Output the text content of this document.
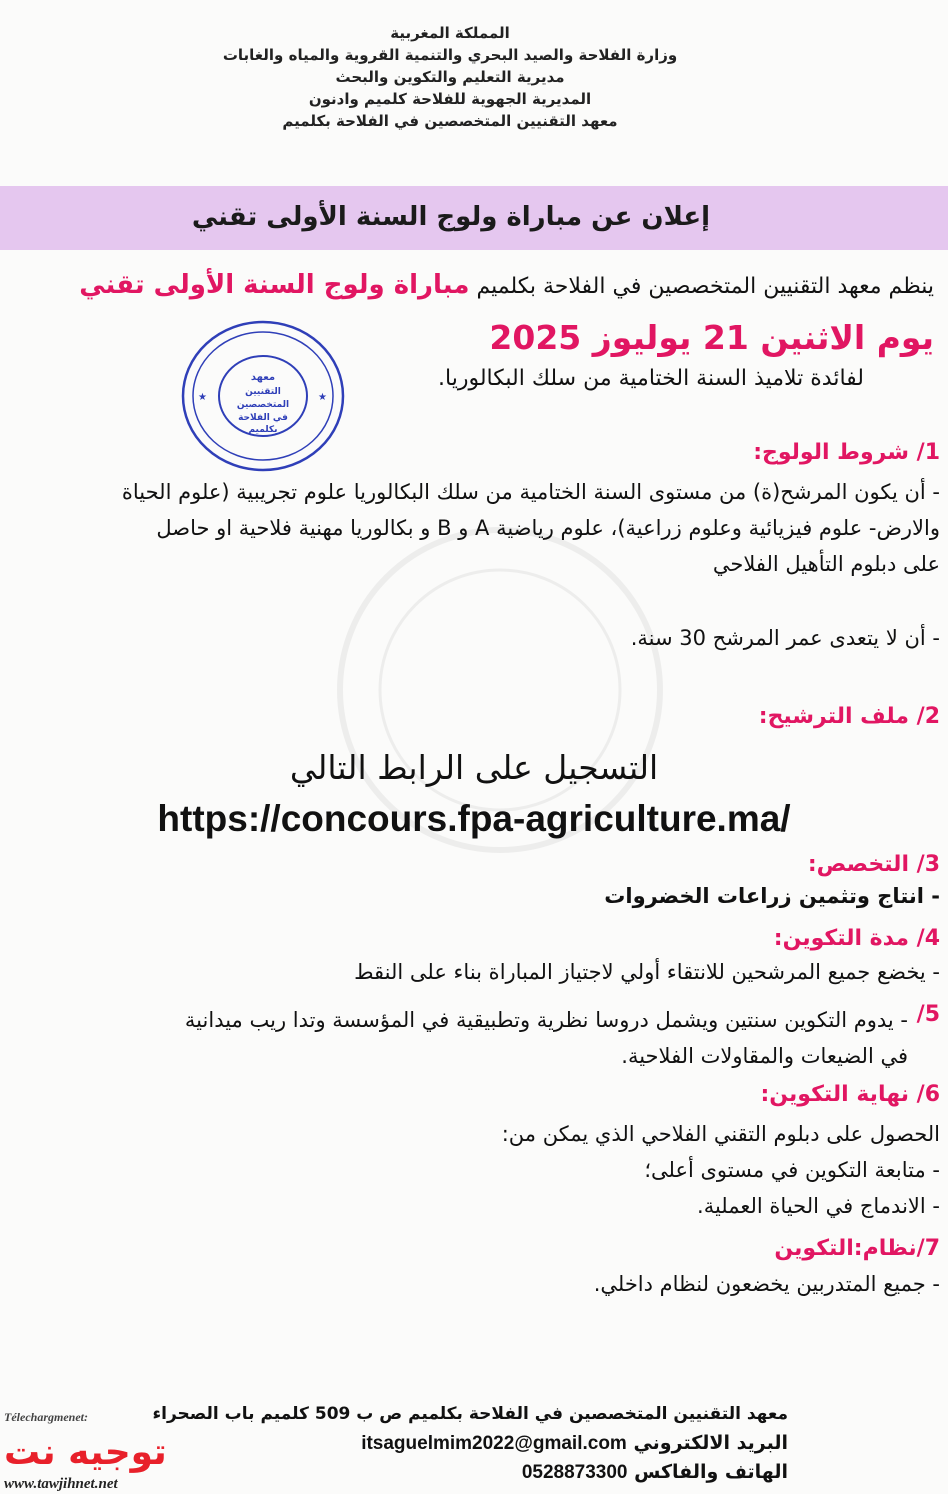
المملكة المغربية
وزارة الفلاحة والصيد البحري والتنمية القروية والمياه والغابات
مديرية التعليم والتكوين والبحث
المديرية الجهوية للفلاحة كلميم وادنون
معهد التقنيين المتخصصين في الفلاحة بكلميم
إعلان عن مباراة ولوج السنة الأولى تقني
ينظم معهد التقنيين المتخصصين في الفلاحة بكلميم مباراة ولوج السنة الأولى تقني
يوم الاثنين 21 يوليوز 2025
لفائدة تلاميذ السنة الختامية من سلك البكالوريا.
★	★
معهد
التقنيين
المتخصصين
في الفلاحة
بكلميم
1/ شروط الولوج:
- أن يكون المرشح(ة) من مستوى السنة الختامية من سلك البكالوريا علوم تجريبية (علوم الحياة
والارض- علوم فيزيائية وعلوم زراعية)، علوم رياضية A و B و بكالوريا مهنية فلاحية او حاصل
على دبلوم التأهيل الفلاحي
- أن لا يتعدى عمر المرشح 30 سنة.
2/ ملف الترشيح:
التسجيل على الرابط التالي
https://concours.fpa-agriculture.ma/
3/ التخصص:
- انتاج وتثمين زراعات الخضروات
4/ مدة التكوين:
- يخضع جميع المرشحين للانتقاء أولي لاجتياز المباراة بناء على النقط
5/
- يدوم التكوين سنتين ويشمل دروسا نظرية وتطبيقية في المؤسسة وتدا ريب ميدانية
في الضيعات والمقاولات الفلاحية.
6/ نهاية التكوين:
الحصول على دبلوم التقني الفلاحي الذي يمكن من:
- متابعة التكوين في مستوى أعلى؛
- الاندماج في الحياة العملية.
7/نظام:التكوين
- جميع المتدربين يخضعون لنظام داخلي.
معهد التقنيين المتخصصين في الفلاحة بكلميم ص ب 509 كلميم باب الصحراء
البريد الالكتروني itsaguelmim2022@gmail.com
الهاتف والفاكس 0528873300
Télechargmenet:
توجيه نت
www.tawjihnet.net
